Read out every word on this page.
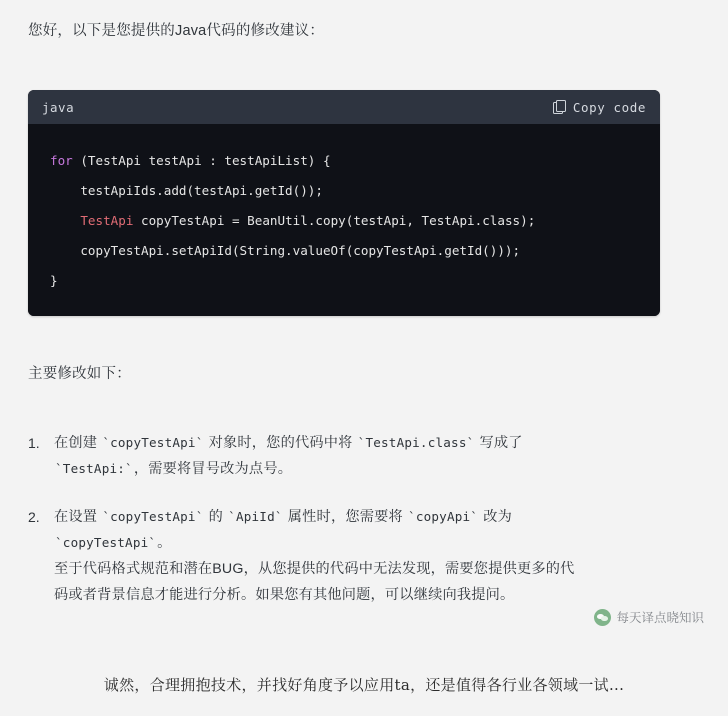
您好，以下是您提供的Java代码的修改建议：
java	Copy code
for (TestApi testApi : testApiList) {
testApiIds.add(testApi.getId());
TestApi copyTestApi = BeanUtil.copy(testApi, TestApi.class);
copyTestApi.setApiId(String.valueOf(copyTestApi.getId()));
}
主要修改如下：
1.	在创建 `copyTestApi` 对象时，您的代码中将 `TestApi.class` 写成了
`TestApi:`，需要将冒号改为点号。
2.	在设置 `copyTestApi` 的 `ApiId` 属性时，您需要将 `copyApi` 改为
`copyTestApi`。
至于代码格式规范和潜在BUG，从您提供的代码中无法发现，需要您提供更多的代
码或者背景信息才能进行分析。如果您有其他问题，可以继续向我提问。
每天译点晓知识
诚然，合理拥抱技术，并找好角度予以应用ta，还是值得各行业各领域一试...
